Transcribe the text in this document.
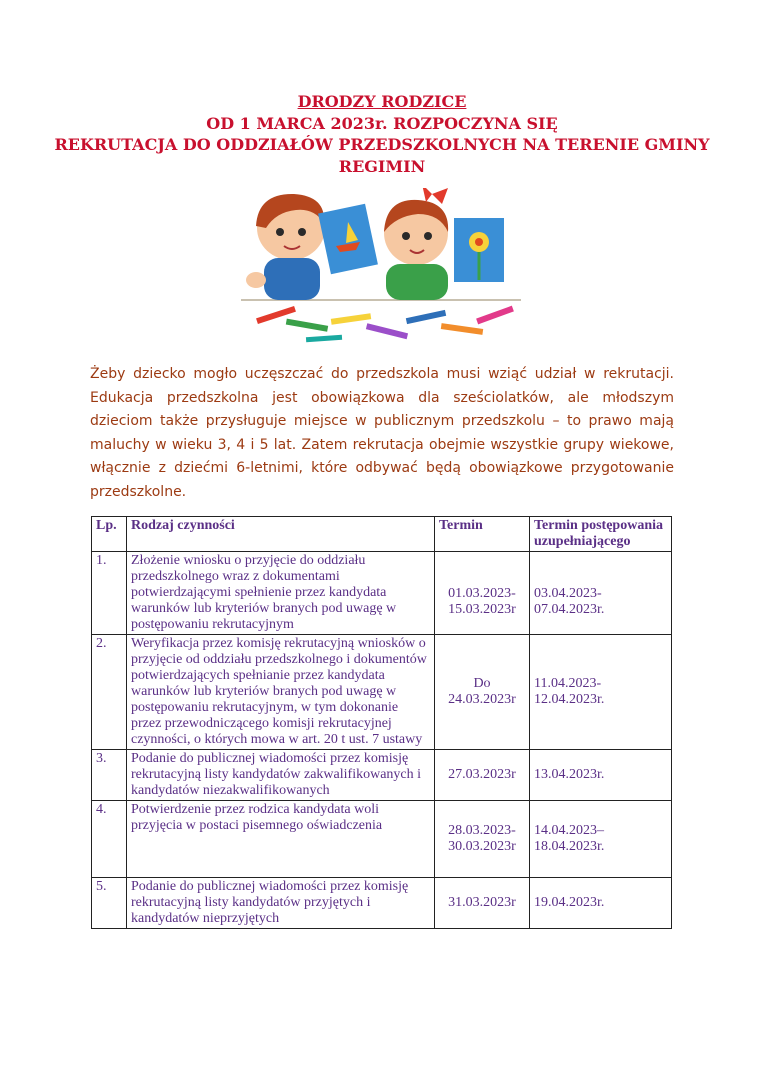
DRODZY RODZICE
OD 1 MARCA 2023r. ROZPOCZYNA SIĘ
REKRUTACJA DO ODDZIAŁÓW PRZEDSZKOLNYCH NA TERENIE GMINY
REGIMIN
Żeby dziecko mogło uczęszczać do przedszkola musi wziąć udział w rekrutacji. Edukacja przedszkolna jest obowiązkowa dla sześciolatków, ale młodszym dzieciom także przysługuje miejsce w publicznym przedszkolu – to prawo mają maluchy w wieku 3, 4 i 5 lat. Zatem rekrutacja obejmie wszystkie grupy wiekowe, włącznie z dziećmi 6-letnimi, które odbywać będą obowiązkowe przygotowanie przedszkolne.
Lp.	Rodzaj czynności	Termin	Termin postępowania uzupełniającego
1.	Złożenie wniosku o przyjęcie do oddziału przedszkolnego wraz z dokumentami potwierdzającymi spełnienie przez kandydata warunków lub kryteriów branych pod uwagę w postępowaniu rekrutacyjnym	01.03.2023-
15.03.2023r	03.04.2023-
07.04.2023r.
2.	Weryfikacja przez komisję rekrutacyjną wniosków o przyjęcie od oddziału przedszkolnego i dokumentów potwierdzających spełnianie przez kandydata warunków lub kryteriów branych pod uwagę w postępowaniu rekrutacyjnym, w tym dokonanie przez przewodniczącego komisji rekrutacyjnej czynności, o których mowa w art. 20 t ust. 7 ustawy	Do
24.03.2023r	11.04.2023-
12.04.2023r.
3.	Podanie do publicznej wiadomości przez komisję rekrutacyjną listy kandydatów zakwalifikowanych i kandydatów niezakwalifikowanych	27.03.2023r	13.04.2023r.
4.	Potwierdzenie przez rodzica kandydata woli przyjęcia w postaci pisemnego oświadczenia	28.03.2023-
30.03.2023r	14.04.2023–
18.04.2023r.
5.	Podanie do publicznej wiadomości przez komisję rekrutacyjną listy kandydatów przyjętych i kandydatów nieprzyjętych	31.03.2023r	19.04.2023r.
